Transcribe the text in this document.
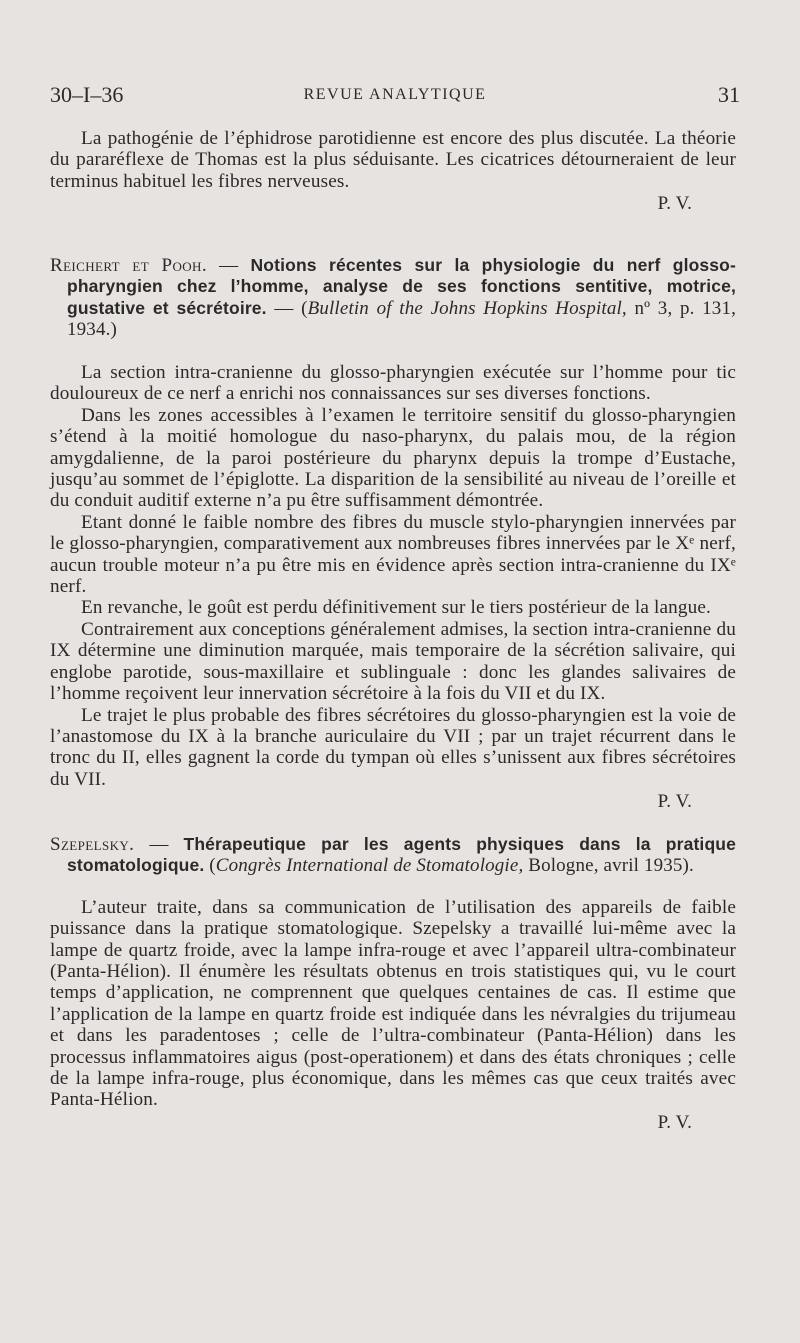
30–I–36	REVUE ANALYTIQUE	31

La pathogénie de l’éphidrose parotidienne est encore des plus discutée. La théorie du pararéflexe de Thomas est la plus séduisante. Les cicatrices détourneraient de leur terminus habituel les fibres nerveuses.

P. V.

Reichert et Pooh. — Notions récentes sur la physiologie du nerf glosso-pharyngien chez l’homme, analyse de ses fonctions sentitive, motrice, gustative et sécrétoire. — (Bulletin of the Johns Hopkins Hospital, nº 3, p. 131, 1934.)

La section intra-cranienne du glosso-pharyngien exécutée sur l’homme pour tic douloureux de ce nerf a enrichi nos connaissances sur ses diverses fonctions.

Dans les zones accessibles à l’examen le territoire sensitif du glosso-pharyngien s’étend à la moitié homologue du naso-pharynx, du palais mou, de la région amygdalienne, de la paroi postérieure du pharynx depuis la trompe d’Eustache, jusqu’au sommet de l’épiglotte. La disparition de la sensibilité au niveau de l’oreille et du conduit auditif externe n’a pu être suffisamment démontrée.

Etant donné le faible nombre des fibres du muscle stylo-pharyngien innervées par le glosso-pharyngien, comparativement aux nombreuses fibres innervées par le Xᵉ nerf, aucun trouble moteur n’a pu être mis en évidence après section intra-cranienne du IXᵉ nerf.

En revanche, le goût est perdu définitivement sur le tiers postérieur de la langue.

Contrairement aux conceptions généralement admises, la section intra-cranienne du IX détermine une diminution marquée, mais temporaire de la sécrétion salivaire, qui englobe parotide, sous-maxillaire et sublinguale : donc les glandes salivaires de l’homme reçoivent leur innervation sécrétoire à la fois du VII et du IX.

Le trajet le plus probable des fibres sécrétoires du glosso-pharyngien est la voie de l’anastomose du IX à la branche auriculaire du VII ; par un trajet récurrent dans le tronc du II, elles gagnent la corde du tympan où elles s’unissent aux fibres sécrétoires du VII.

P. V.

Szepelsky. — Thérapeutique par les agents physiques dans la pratique stomatologique. (Congrès International de Stomatologie, Bologne, avril 1935).

L’auteur traite, dans sa communication de l’utilisation des appareils de faible puissance dans la pratique stomatologique. Szepelsky a travaillé lui-même avec la lampe de quartz froide, avec la lampe infra-rouge et avec l’appareil ultra-combinateur (Panta-Hélion). Il énumère les résultats obtenus en trois statistiques qui, vu le court temps d’application, ne comprennent que quelques centaines de cas. Il estime que l’application de la lampe en quartz froide est indiquée dans les névralgies du trijumeau et dans les paradentoses ; celle de l’ultra-combinateur (Panta-Hélion) dans les processus inflammatoires aigus (post-operationem) et dans des états chroniques ; celle de la lampe infra-rouge, plus économique, dans les mêmes cas que ceux traités avec Panta-Hélion.

P. V.
